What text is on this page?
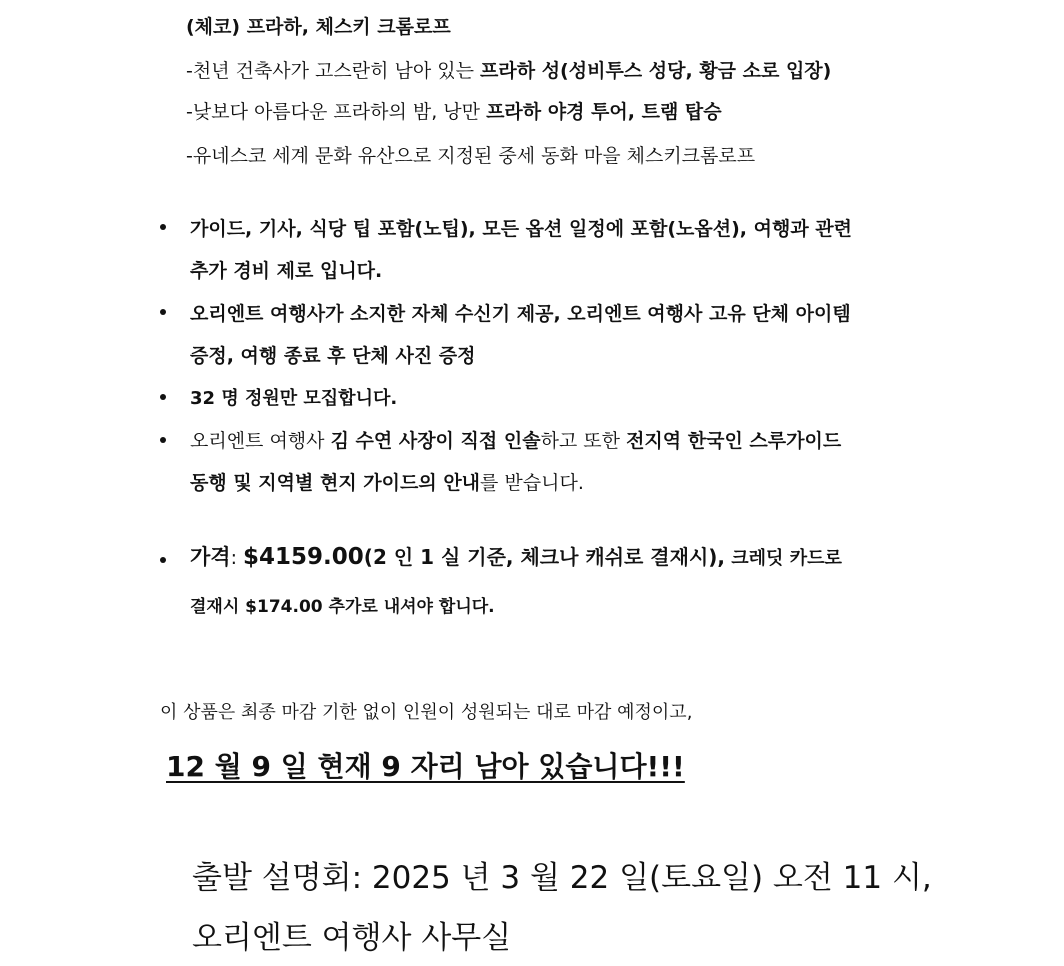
(체코) 프라하, 체스키 크롬로프
-천년 건축사가 고스란히 남아 있는 프라하 성(성비투스 성당, 황금 소로 입장)
-낮보다 아름다운 프라하의 밤, 낭만 프라하 야경 투어, 트램 탑승
-유네스코 세계 문화 유산으로 지정된 중세 동화 마을 체스키크롬로프
가이드, 기사, 식당 팁 포함(노팁), 모든 옵션 일정에 포함(노옵션), 여행과 관련
추가 경비 제로 입니다.
오리엔트 여행사가 소지한 자체 수신기 제공, 오리엔트 여행사 고유 단체 아이템
증정, 여행 종료 후 단체 사진 증정
32 명 정원만 모집합니다.
오리엔트 여행사 김 수연 사장이 직접 인솔하고 또한 전지역 한국인 스루가이드
동행 및 지역별 현지 가이드의 안내를 받습니다.
가격: $4159.00(2 인 1 실 기준, 체크나 캐쉬로 결재시), 크레딧 카드로
결재시 $174.00 추가로 내셔야 합니다.
이 상품은 최종 마감 기한 없이 인원이 성원되는 대로 마감 예정이고,
12 월 9 일 현재 9 자리 남아 있습니다!!!
출발 설명회: 2025 년 3 월 22 일(토요일) 오전 11 시,
오리엔트 여행사 사무실
